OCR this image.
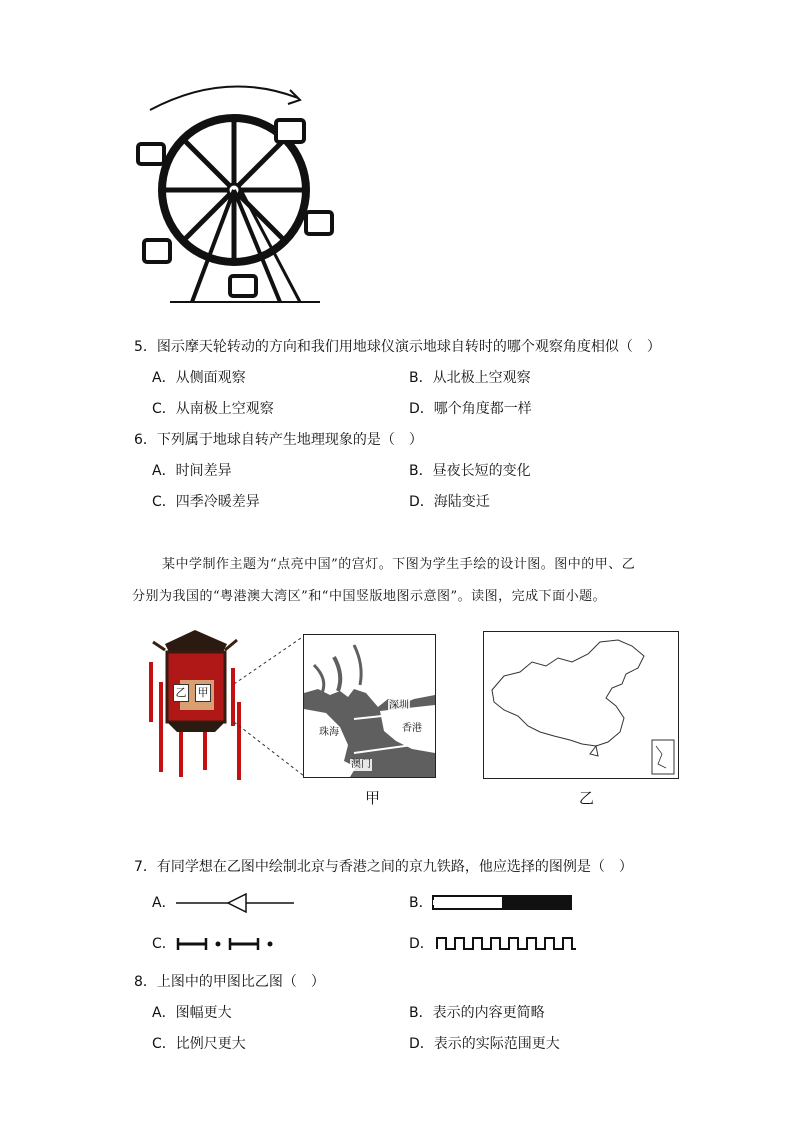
5．图示摩天轮转动的方向和我们用地球仪演示地球自转时的哪个观察角度相似（　）
A．从侧面观察	B．从北极上空观察
C．从南极上空观察	D．哪个角度都一样
6．下列属于地球自转产生地理现象的是（　）
A．时间差异	B．昼夜长短的变化
C．四季冷暖差异	D．海陆变迁
某中学制作主题为“点亮中国”的宫灯。下图为学生手绘的设计图。图中的甲、乙
分别为我国的“粤港澳大湾区”和“中国竖版地图示意图”。读图，完成下面小题。
乙 甲
深圳
珠海	香港
澳门
甲	乙
7．有同学想在乙图中绘制北京与香港之间的京九铁路，他应选择的图例是（　）
A．	B．
C．	D．
8．上图中的甲图比乙图（　）
A．图幅更大	B．表示的内容更简略
C．比例尺更大	D．表示的实际范围更大
